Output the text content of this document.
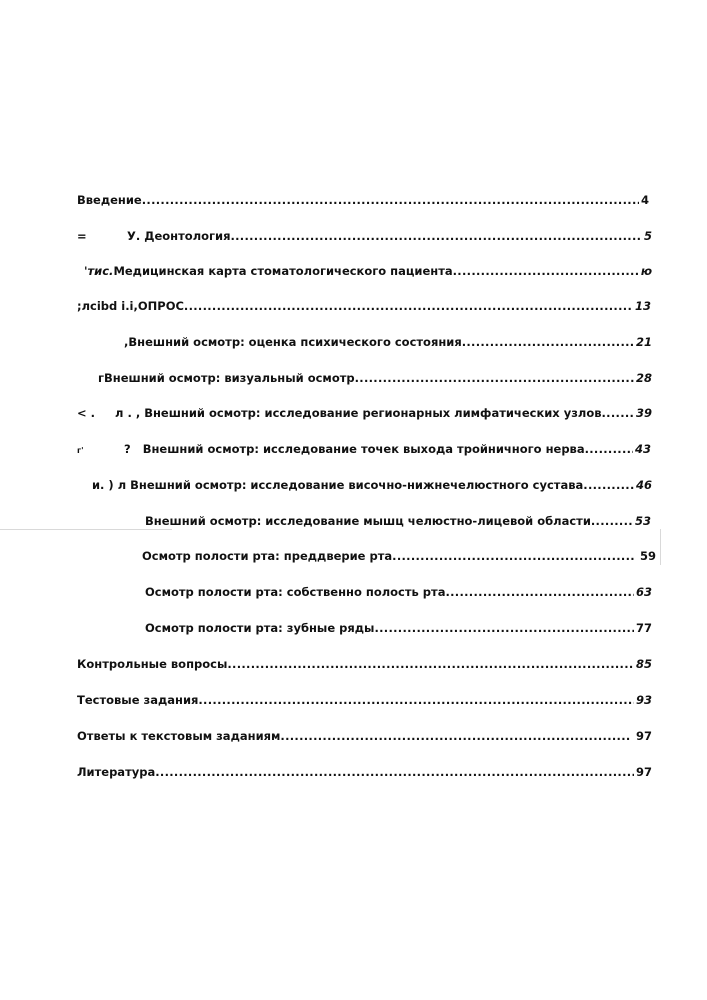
Введение .....	4
=	У. Деонтология .....	5
'тис. Медицинская карта стоматологического пациента .....	ю
;лcibd i.i, ОПРОС .....	13
, Внешний осмотр: оценка психического состояния .....	21
г Внешний осмотр: визуальный осмотр .....	28
< .     л . , Внешний осмотр: исследование регионарных лимфатических узлов .....	39
г'	? Внешний осмотр: исследование точек выхода тройничного нерва .....	43
и. ) л Внешний осмотр: исследование височно-нижнечелюстного сустава .....	46
Внешний осмотр: исследование мышц челюстно-лицевой области .....	53
Осмотр полости рта: преддверие рта .....	59
Осмотр полости рта: собственно полость рта .....	63
Осмотр полости рта: зубные ряды .....	77
Контрольные вопросы .....	85
Тестовые задания .....	93
Ответы к текстовым заданиям .....	97
Литература .....	97
